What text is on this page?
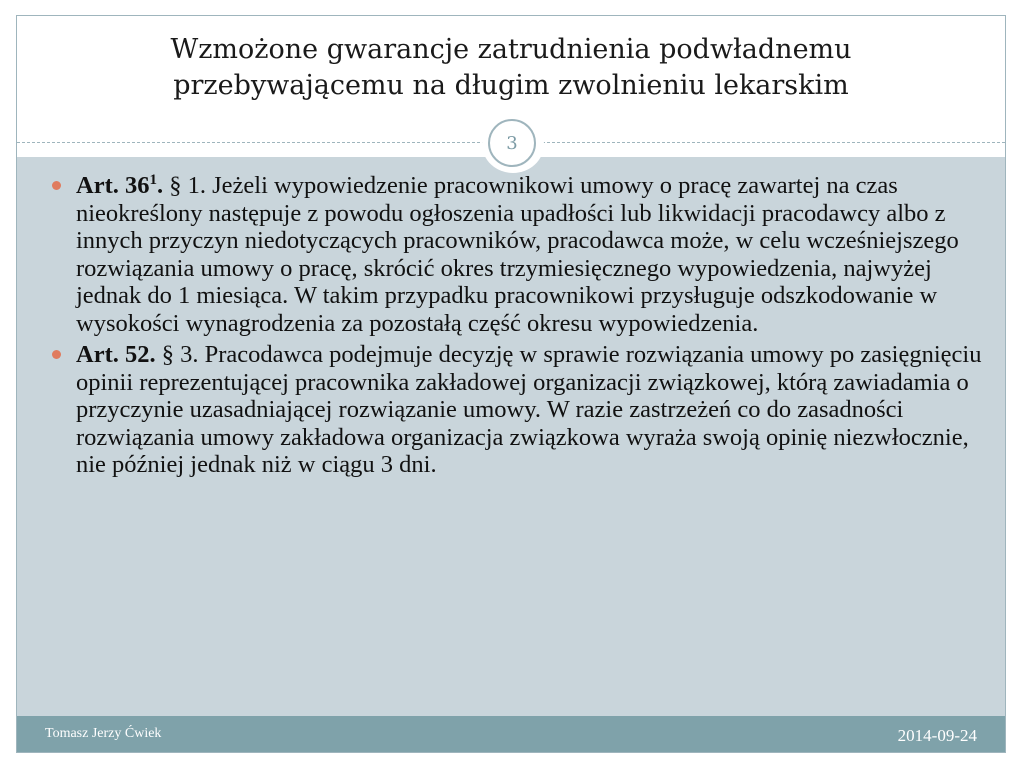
Wzmożone gwarancje zatrudnienia podwładnemu
przebywającemu na długim zwolnieniu lekarskim
3
Art. $36^1$. § 1. Jeżeli wypowiedzenie pracownikowi umowy o pracę zawartej na czas nieokreślony następuje z powodu ogłoszenia upadłości lub likwidacji pracodawcy albo z innych przyczyn niedotyczących pracowników, pracodawca może, w celu wcześniejszego rozwiązania umowy o pracę, skrócić okres trzymiesięcznego wypowiedzenia, najwyżej jednak do 1 miesiąca. W takim przypadku pracownikowi przysługuje odszkodowanie w wysokości wynagrodzenia za pozostałą część okresu wypowiedzenia.
Art. 52. § 3. Pracodawca podejmuje decyzję w sprawie rozwiązania umowy po zasięgnięciu opinii reprezentującej pracownika zakładowej organizacji związkowej, którą zawiadamia o przyczynie uzasadniającej rozwiązanie umowy. W razie zastrzeżeń co do zasadności rozwiązania umowy zakładowa organizacja związkowa wyraża swoją opinię niezwłocznie, nie później jednak niż w ciągu 3 dni.
Tomasz Jerzy Ćwiek	2014-09-24
